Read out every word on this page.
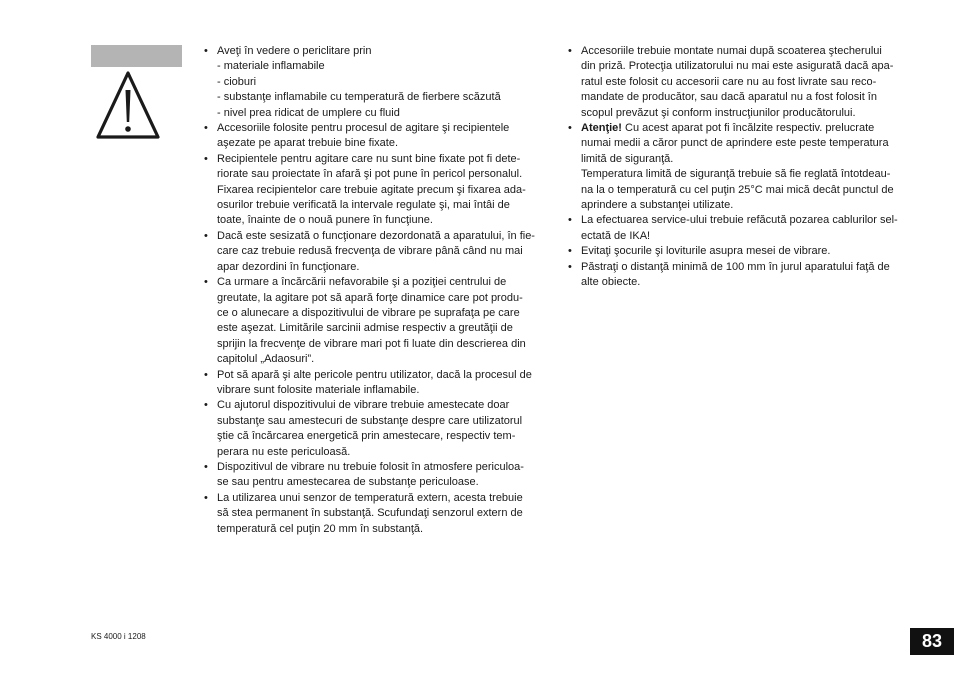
• Aveţi în vedere o periclitare prin
- materiale inflamabile
- cioburi
- substanţe inflamabile cu temperatură de fierbere scăzută
- nivel prea ridicat de umplere cu fluid
• Accesoriile folosite pentru procesul de agitare şi recipientele
aşezate pe aparat trebuie bine fixate.
• Recipientele pentru agitare care nu sunt bine fixate pot fi dete-
riorate sau proiectate în afară şi pot pune în pericol personalul.
Fixarea recipientelor care trebuie agitate precum şi fixarea ada-
osurilor trebuie verificată la intervale regulate şi, mai întâi de
toate, înainte de o nouă punere în funcţiune.
• Dacă este sesizată o funcţionare dezordonată a aparatului, în fie-
care caz trebuie redusă frecvenţa de vibrare până când nu mai
apar dezordini în funcţionare.
• Ca urmare a încărcării nefavorabile şi a poziţiei centrului de
greutate, la agitare pot să apară forţe dinamice care pot produ-
ce o alunecare a dispozitivului de vibrare pe suprafaţa pe care
este aşezat. Limitările sarcinii admise respectiv a greutăţii de
sprijin la frecvenţe de vibrare mari pot fi luate din descrierea din
capitolul „Adaosuri”.
• Pot să apară şi alte pericole pentru utilizator, dacă la procesul de
vibrare sunt folosite materiale inflamabile.
• Cu ajutorul dispozitivului de vibrare trebuie amestecate doar
substanţe sau amestecuri de substanţe despre care utilizatorul
ştie că încărcarea energetică prin amestecare, respectiv tem-
perara nu este periculoasă.
• Dispozitivul de vibrare nu trebuie folosit în atmosfere periculoa-
se sau pentru amestecarea de substanţe periculoase.
• La utilizarea unui senzor de temperatură extern, acesta trebuie
să stea permanent în substanţă. Scufundaţi senzorul extern de
temperatură cel puţin 20 mm în substanţă.
• Accesoriile trebuie montate numai după scoaterea ştecherului
din priză. Protecţia utilizatorului nu mai este asigurată dacă apa-
ratul este folosit cu accesorii care nu au fost livrate sau reco-
mandate de producător, sau dacă aparatul nu a fost folosit în
scopul prevăzut şi conform instrucţiunilor producătorului.
• Atenţie! Cu acest aparat pot fi încălzite respectiv. prelucrate
numai medii a căror punct de aprindere este peste temperatura
limită de siguranţă.
Temperatura limită de siguranţă trebuie să fie reglată întotdeau-
na la o temperatură cu cel puţin 25°C mai mică decât punctul de
aprindere a substanţei utilizate.
• La efectuarea service-ului trebuie refăcută pozarea cablurilor sel-
ectată de IKA!
• Evitaţi şocurile şi loviturile asupra mesei de vibrare.
• Păstraţi o distanţă minimă de 100 mm în jurul aparatului faţă de
alte obiecte.
KS 4000 i 1208	83
